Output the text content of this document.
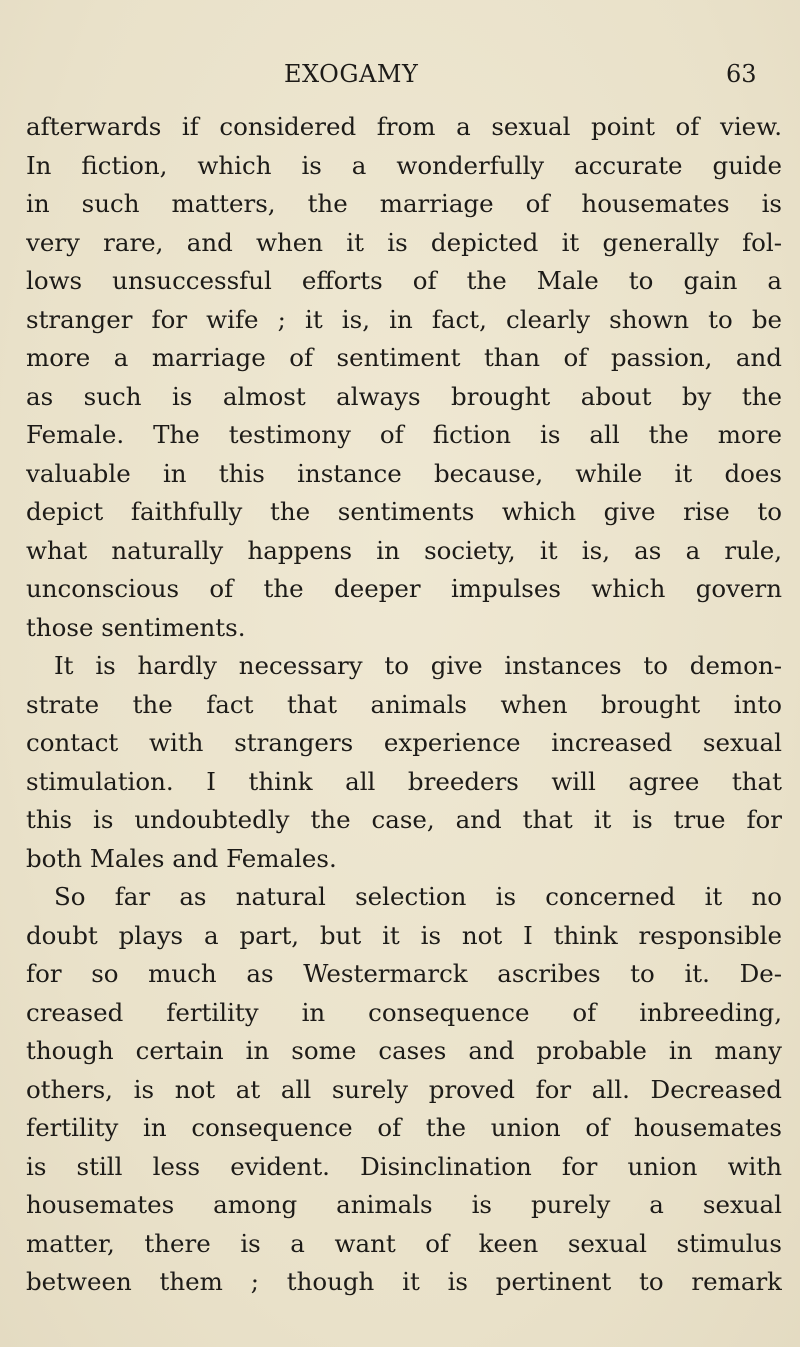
EXOGAMY	63
afterwards if considered from a sexual point of view.
In fiction, which is a wonderfully accurate guide
in such matters, the marriage of housemates is
very rare, and when it is depicted it generally fol-
lows unsuccessful efforts of the Male to gain a
stranger for wife ; it is, in fact, clearly shown to be
more a marriage of sentiment than of passion, and
as such is almost always brought about by the
Female. The testimony of fiction is all the more
valuable in this instance because, while it does
depict faithfully the sentiments which give rise to
what naturally happens in society, it is, as a rule,
unconscious of the deeper impulses which govern
those sentiments.
It is hardly necessary to give instances to demon-
strate the fact that animals when brought into
contact with strangers experience increased sexual
stimulation. I think all breeders will agree that
this is undoubtedly the case, and that it is true for
both Males and Females.
So far as natural selection is concerned it no
doubt plays a part, but it is not I think responsible
for so much as Westermarck ascribes to it. De-
creased fertility in consequence of inbreeding,
though certain in some cases and probable in many
others, is not at all surely proved for all. Decreased
fertility in consequence of the union of housemates
is still less evident. Disinclination for union with
housemates among animals is purely a sexual
matter, there is a want of keen sexual stimulus
between them ; though it is pertinent to remark
